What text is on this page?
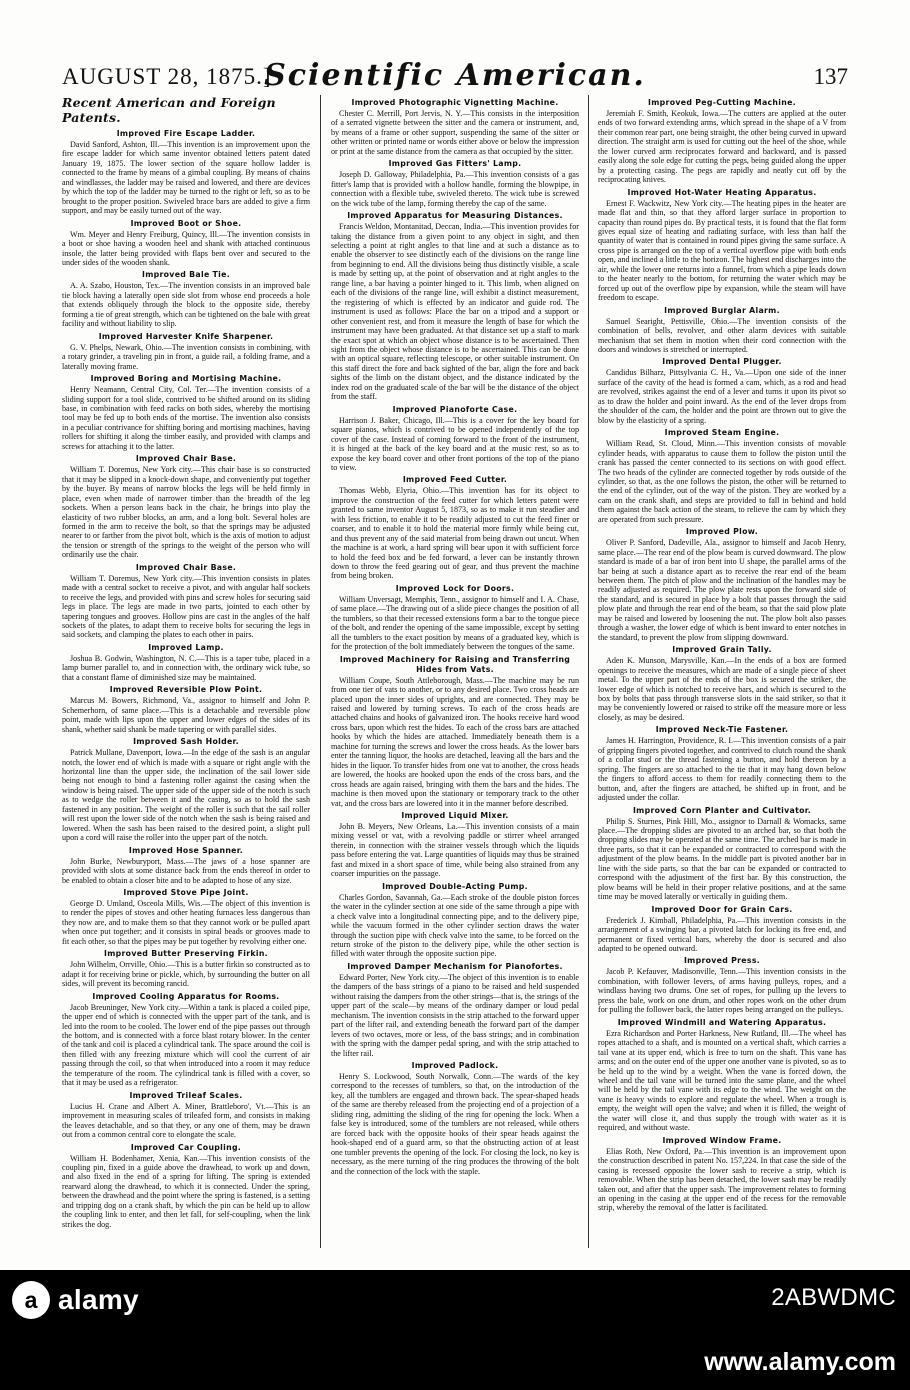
AUGUST 28, 1875.]
Scientific American.	137
Recent American and Foreign Patents.
Improved Fire Escape Ladder.

David Sanford, Ashton, Ill.—This invention is an improvement upon the fire escape ladder for which same inventor obtained letters patent dated January 19, 1875. The lower section of the square hollow ladder is connected to the frame by means of a gimbal coupling. By means of chains and windlasses, the ladder may be raised and lowered, and there are devices by which the top of the ladder may be turned to the right or left, so as to be brought to the proper position. Swiveled brace bars are added to give a firm support, and may be easily turned out of the way.

Improved Boot or Shoe.

Wm. Meyer and Henry Freiburg, Quincy, Ill.—The invention consists in a boot or shoe having a wooden heel and shank with attached continuous insole, the latter being provided with flaps bent over and secured to the under sides of the wooden shank.

Improved Bale Tie.

A. A. Szabo, Houston, Tex.—The invention consists in an improved bale tie block having a laterally open side slot from whose end proceeds a hole that extends obliquely through the block to the opposite side, thereby forming a tie of great strength, which can be tightened on the bale with great facility and without liability to slip.

Improved Harvester Knife Sharpener.

G. V. Phelps, Newark, Ohio.—The invention consists in combining, with a rotary grinder, a traveling pin in front, a guide rail, a folding frame, and a laterally moving frame.

Improved Boring and Mortising Machine.

Henry Neamann, Central City, Col. Ter.—The invention consists of a sliding support for a tool slide, contrived to be shifted around on its sliding base, in combination with feed racks on both sides, whereby the mortising tool may be fed up to both ends of the mortise. The invention also consists in a peculiar contrivance for shifting boring and mortising machines, having rollers for shifting it along the timber easily, and provided with clamps and screws for attaching it to the latter.

Improved Chair Base.

William T. Doremus, New York city.—This chair base is so constructed that it may be slipped in a knock-down shape, and conveniently put together by the buyer. By means of narrow blocks the legs will be held firmly in place, even when made of narrower timber than the breadth of the leg sockets. When a person leans back in the chair, he brings into play the elasticity of two rubber blocks, an arm, and a long bolt. Several holes are formed in the arm to receive the bolt, so that the springs may be adjusted nearer to or farther from the pivot bolt, which is the axis of motion to adjust the tension or strength of the springs to the weight of the person who will ordinarily use the chair.

Improved Chair Base.

William T. Doremus, New York city.—This invention consists in plates made with a central socket to receive a pivot, and with angular half sockets to receive the legs, and provided with pins and screw holes for securing said legs in place. The legs are made in two parts, jointed to each other by tapering tongues and grooves. Hollow pins are cast in the angles of the half sockets of the plates, to adapt them to receive bolts for securing the legs in said sockets, and clamping the plates to each other in pairs.

Improved Lamp.

Joshua B. Godwin, Washington, N. C.—This is a taper tube, placed in a lamp burner parallel to, and in connection with, the ordinary wick tube, so that a constant flame of diminished size may be maintained.

Improved Reversible Plow Point.

Marcus M. Bowers, Richmond, Va., assignor to himself and John P. Schemerhorn, of same place.—This is a detachable and reversible plow point, made with lips upon the upper and lower edges of the sides of its shank, whether said shank be made tapering or with parallel sides.

Improved Sash Holder.

Patrick Mullane, Davenport, Iowa.—In the edge of the sash is an angular notch, the lower end of which is made with a square or right angle with the horizontal line than the upper side, the inclination of the sail lower side being not enough to bind a fastening roller against the casing when the window is being raised. The upper side of the upper side of the notch is such as to wedge the roller between it and the casing, so as to hold the sash fastened in any position. The weight of the roller is such that the sail roller will rest upon the lower side of the notch when the sash is being raised and lowered. When the sash has been raised to the desired point, a slight pull upon a cord will raise the roller into the upper part of the notch.

Improved Hose Spanner.

John Burke, Newburyport, Mass.—The jaws of a hose spanner are provided with slots at some distance back from the ends thereof in order to be enabled to obtain a closer bite and to be adapted to hose of any size.

Improved Stove Pipe Joint.

George D. Umland, Osceola Mills, Wis.—The object of this invention is to render the pipes of stoves and other heating furnaces less dangerous than they now are, and to make them so that they cannot work or be pulled apart when once put together; and it consists in spiral beads or grooves made to fit each other, so that the pipes may be put together by revolving either one.

Improved Butter Preserving Firkin.

John Wilhelm, Orrville, Ohio.—This is a butter firkin so constructed as to adapt it for receiving brine or pickle, which, by surrounding the butter on all sides, will prevent its becoming rancid.

Improved Cooling Apparatus for Rooms.

Jacob Breuninger, New York city.—Within a tank is placed a coiled pipe, the upper end of which is connected with the upper part of the tank, and is led into the room to be cooled. The lower end of the pipe passes out through the bottom, and is connected with a force blast rotary blower. In the center of the tank and coil is placed a cylindrical tank. The space around the coil is then filled with any freezing mixture which will cool the current of air passing through the coil, so that when introduced into a room it may reduce the temperature of the room. The cylindrical tank is filled with a cover, so that it may be used as a refrigerator.

Improved Trileaf Scales.

Lucius H. Crane and Albert A. Miner, Brattleboro', Vt.—This is an improvement in measuring scales of trileafed form, and consists in making the leaves detachable, and so that they, or any one of them, may be drawn out from a common central core to elongate the scale.

Improved Car Coupling.

William H. Bodenhamer, Xenia, Kan.—This invention consists of the coupling pin, fixed in a guide above the drawhead, to work up and down, and also fixed in the end of a spring for lifting. The spring is extended rearward along the drawhead, to which it is connected. Under the spring, between the drawhead and the point where the spring is fastened, is a setting and tripping dog on a crank shaft, by which the pin can be held up to allow the coupling link to enter, and then let fall, for self-coupling, when the link strikes the dog.

Improved Photographic Vignetting Machine.

Chester C. Merrill, Port Jervis, N. Y.—This consists in the interposition of a serrated vignette between the sitter and the camera or instrument, and, by means of a frame or other support, suspending the same of the sitter or other written or printed name or words either above or below the impression or print at the same distance from the camera as that occupied by the sitter.

Improved Gas Fitters' Lamp.

Joseph D. Galloway, Philadelphia, Pa.—This invention consists of a gas fitter's lamp that is provided with a hollow handle, forming the blowpipe, in connection with a flexible tube, swiveled thereto. The wick tube is screwed on the wick tube of the lamp, forming thereby the cap of the same.

Improved Apparatus for Measuring Distances.

Francis Weldon, Montanitad, Deccan, India.—This invention provides for taking the distance from a given point to any object in sight, and then selecting a point at right angles to that line and at such a distance as to enable the observer to see distinctly each of the divisions on the range line from beginning to end. All the divisions being thus distinctly visible, a scale is made by setting up, at the point of observation and at right angles to the range line, a bar having a pointer hinged to it. This limb, when aligned on each of the divisions of the range line, will exhibit a distinct measurement, the registering of which is effected by an indicator and guide rod. The instrument is used as follows: Place the bar on a tripod and a support or other convenient rest, and from it measure the length of base for which the instrument may have been graduated. At that distance set up a staff to mark the exact spot at which an object whose distance is to be ascertained. Then sight from the object whose distance is to be ascertained. This can be done with an optical square, reflecting telescope, or other suitable instrument. On this staff direct the fore and back sighted of the bar, align the fore and back sights of the limb on the distant object, and the distance indicated by the index rod on the graduated scale of the bar will be the distance of the object from the staff.

Improved Pianoforte Case.

Harrison J. Baker, Chicago, Ill.—This is a cover for the key board for square pianos, which is contrived to be opened independently of the top cover of the case. Instead of coming forward to the front of the instrument, it is hinged at the back of the key board and at the music rest, so as to expose the key board cover and other front portions of the top of the piano to view.

Improved Feed Cutter.

Thomas Webb, Elyria, Ohio.—This invention has for its object to improve the construction of the feed cutter for which letters patent were granted to same inventor August 5, 1873, so as to make it run steadier and with less friction, to enable it to be readily adjusted to cut the feed finer or coarser, and to enable it to hold the material more firmly while being cut, and thus prevent any of the said material from being drawn out uncut. When the machine is at work, a hard spring will bear upon it with sufficient force to hold the feed box and be fed forward, a lever can be instantly thrown down to throw the feed gearing out of gear, and thus prevent the machine from being broken.

Improved Lock for Doors.

William Unversagt, Memphis, Tenn., assignor to himself and I. A. Chase, of same place.—The drawing out of a slide piece changes the position of all the tumblers, so that their recessed extensions form a bar to the tongue piece of the bolt, and render the opening of the same impossible, except by setting all the tumblers to the exact position by means of a graduated key, which is for the protection of the bolt immediately between the tongues of the same.

Improved Machinery for Raising and Transferring Hides from Vats.

William Coupe, South Attleborough, Mass.—The machine may be run from one tier of vats to another, or to any desired place. Two cross heads are placed upon the inner sides of uprights, and are connected. They may be raised and lowered by turning screws. To each of the cross heads are attached chains and hooks of galvanized iron. The hooks receive hard wood cross bars, upon which rest the hides. To each of the cross bars are attached hooks by which the hides are attached. Immediately beneath them is a machine for turning the screws and lower the cross heads. As the lower bars enter the tanning liquor, the hooks are detached, leaving all the bars and the hides in the liquor. To transfer hides from one vat to another, the cross heads are lowered, the hooks are hooked upon the ends of the cross bars, and the cross heads are again raised, bringing with them the bars and the hides. The machine is then moved upon the stationary or temporary track to the other vat, and the cross bars are lowered into it in the manner before described.

Improved Liquid Mixer.

John B. Meyers, New Orleans, La.—This invention consists of a main mixing vessel or vat, with a revolving paddle or stirrer wheel arranged therein, in connection with the strainer vessels through which the liquids pass before entering the vat. Large quantities of liquids may thus be strained fast and mixed in a short space of time, while being also strained from any coarser impurities on the passage.

Improved Double-Acting Pump.

Charles Gordon, Savannah, Ga.—Each stroke of the double piston forces the water in the cylinder section at one side of the same through a pipe with a check valve into a longitudinal connecting pipe, and to the delivery pipe, while the vacuum formed in the other cylinder section draws the water through the suction pipe with check valve into the same, to be forced on the return stroke of the piston to the delivery pipe, while the other section is filled with water through the opposite suction pipe.

Improved Damper Mechanism for Pianofortes.

Edward Porter, New York city.—The object of this invention is to enable the dampers of the bass strings of a piano to be raised and held suspended without raising the dampers from the other strings—that is, the strings of the upper part of the scale—by means of the ordinary damper or loud pedal mechanism. The invention consists in the strip attached to the forward upper part of the lifter rail, and extending beneath the forward part of the damper levers of two octaves, more or less, of the bass strings; and in combination with the spring with the damper pedal spring, and with the strip attached to the lifter rail.

Improved Padlock.

Henry S. Lockwood, South Norwalk, Conn.—The wards of the key correspond to the recesses of tumblers, so that, on the introduction of the key, all the tumblers are engaged and thrown back. The spear-shaped heads of the same are thereby released from the projecting end of a projection of a sliding ring, admitting the sliding of the ring for opening the lock. When a false key is introduced, some of the tumblers are not released, while others are forced back with the opposite hooks of their spear heads against the hook-shaped end of a guard arm, so that the obstructing action of at least one tumbler prevents the opening of the lock. For closing the lock, no key is necessary, as the mere turning of the ring produces the throwing of the bolt and the connection of the lock with the staple.

Improved Peg-Cutting Machine.

Jeremiah F. Smith, Keokuk, Iowa.—The cutters are applied at the outer ends of two forward extending arms, which spread in the shape of a V from their common rear part, one being straight, the other being curved in upward direction. The straight arm is used for cutting out the heel of the shoe, while the lower curved arm reciprocates forward and backward, and is passed easily along the sole edge for cutting the pegs, being guided along the upper by a protecting casing. The pegs are rapidly and neatly cut off by the reciprocating knives.

Improved Hot-Water Heating Apparatus.

Ernest F. Wackwitz, New York city.—The heating pipes in the heater are made flat and thin, so that they afford larger surface in proportion to capacity than round pipes do. By practical tests, it is found that the flat form gives equal size of heating and radiating surface, with less than half the quantity of water that is contained in round pipes giving the same surface. A cross pipe is arranged on the top of a vertical overflow pipe with both ends open, and inclined a little to the horizon. The highest end discharges into the air, while the lower one returns into a funnel, from which a pipe leads down to the heater nearly to the bottom, for returning the water which may be forced up out of the overflow pipe by expansion, while the steam will have freedom to escape.

Improved Burglar Alarm.

Samuel Searight, Pettisville, Ohio.—The invention consists of the combination of bells, revolver, and other alarm devices with suitable mechanism that set them in motion when their cord connection with the doors and windows is stretched or interrupted.

Improved Dental Plugger.

Candidus Bilharz, Pittsylvania C. H., Va.—Upon one side of the inner surface of the cavity of the head is formed a cam, which, as a rod and head are revolved, strikes against the end of a lever and turns it upon its pivot so as to draw the holder and point inward. As the end of the lever drops from the shoulder of the cam, the holder and the point are thrown out to give the blow by the elasticity of a spring.

Improved Steam Engine.

William Read, St. Cloud, Minn.—This invention consists of movable cylinder heads, with apparatus to cause them to follow the piston until the crank has passed the center connected to its sections on with good effect. The two heads of the cylinder are connected together by rods outside of the cylinder, so that, as the one follows the piston, the other will be returned to the end of the cylinder, out of the way of the piston. They are worked by a cam on the crank shaft, and steps are provided to fall in behind and hold them against the back action of the steam, to relieve the cam by which they are operated from such pressure.

Improved Plow.

Oliver P. Sanford, Dadeville, Ala., assignor to himself and Jacob Henry, same place.—The rear end of the plow beam is curved downward. The plow standard is made of a bar of iron bent into U shape, the parallel arms of the bar being at such a distance apart as to receive the rear end of the beam between them. The pitch of plow and the inclination of the handles may be readily adjusted as required. The plow plate rests upon the forward side of the standard, and is secured in place by a bolt that passes through the said plow plate and through the rear end of the beam, so that the said plow plate may be raised and lowered by loosening the nut. The plow bolt also passes through a washer, the lower edge of which is bent inward to enter notches in the standard, to prevent the plow from slipping downward.

Improved Grain Tally.

Aden K. Munson, Marysville, Kan.—In the ends of a box are formed openings to receive the measures, which are made of a single piece of sheet metal. To the upper part of the ends of the box is secured the striker, the lower edge of which is notched to receive bars, and which is secured to the box by bolts that pass through transverse slots in the said striker, so that it may be conveniently lowered or raised to strike off the measure more or less closely, as may be desired.

Improved Neck-Tie Fastener.

James H. Harrington, Providence, R. I.—This invention consists of a pair of gripping fingers pivoted together, and contrived to clutch round the shank of a collar stud or the thread fastening a button, and hold thereon by a spring. The fingers are so attached to the tie that it may hang down below the fingers to afford access to them for readily connecting them to the button, and, after the fingers are attached, be shifted up in front, and be adjusted under the collar.

Improved Corn Planter and Cultivator.

Philip S. Sturnes, Pink Hill, Mo., assignor to Darnall & Womacks, same place.—The dropping slides are pivoted to an arched bar, so that both the dropping slides may be operated at the same time. The arched bar is made in three parts, so that it can be expanded or contracted to correspond with the adjustment of the plow beams. In the middle part is pivoted another bar in line with the side parts, so that the bar can be expanded or contracted to correspond with the adjustment of the first bar. By this construction, the plow beams will be held in their proper relative positions, and at the same time may be moved laterally or vertically in guiding them.

Improved Door for Grain Cars.

Frederick J. Kimball, Philadelphia, Pa.—This invention consists in the arrangement of a swinging bar, a pivoted latch for locking its free end, and permanent or fixed vertical bars, whereby the door is secured and also adapted to be opened outward.

Improved Press.

Jacob P. Kefauver, Madisonville, Tenn.—This invention consists in the combination, with follower levers, of arms having pulleys, ropes, and a windlass having two drums. One set of ropes, for pulling up the levers to press the bale, work on one drum, and other ropes work on the other drum for pulling the follower back, the latter ropes being arranged on the pulleys.

Improved Windmill and Watering Apparatus.

Ezra Richardson and Porter Harkness, New Rutland, Ill.—The wheel has ropes attached to a shaft, and is mounted on a vertical shaft, which carries a tail vane at its upper end, which is free to turn on the shaft. This vane has arms; and on the outer end of the upper one another vane is pivoted, so as to be held up to the wind by a weight. When the vane is forced down, the wheel and the tail vane will be turned into the same plane, and the wheel will be held by the tail vane with its edge to the wind. The weight on the vane is heavy winds to explore and regulate the wheel. When a trough is empty, the weight will open the valve; and when it is filled, the weight of the water will close it, and thus supply the trough with water as it is required, and without waste.

Improved Window Frame.

Elias Roth, New Oxford, Pa.—This invention is an improvement upon the construction described in patent No. 157,224. In that case the side of the casing is recessed opposite the lower sash to receive a strip, which is removable. When the strip has been detached, the lower sash may be readily taken out, and after that the upper sash. The improvement relates to forming an opening in the casing at the upper end of the recess for the removable strip, whereby the removal of the latter is facilitated.

a alamy	2ABWDMC
www.alamy.com
